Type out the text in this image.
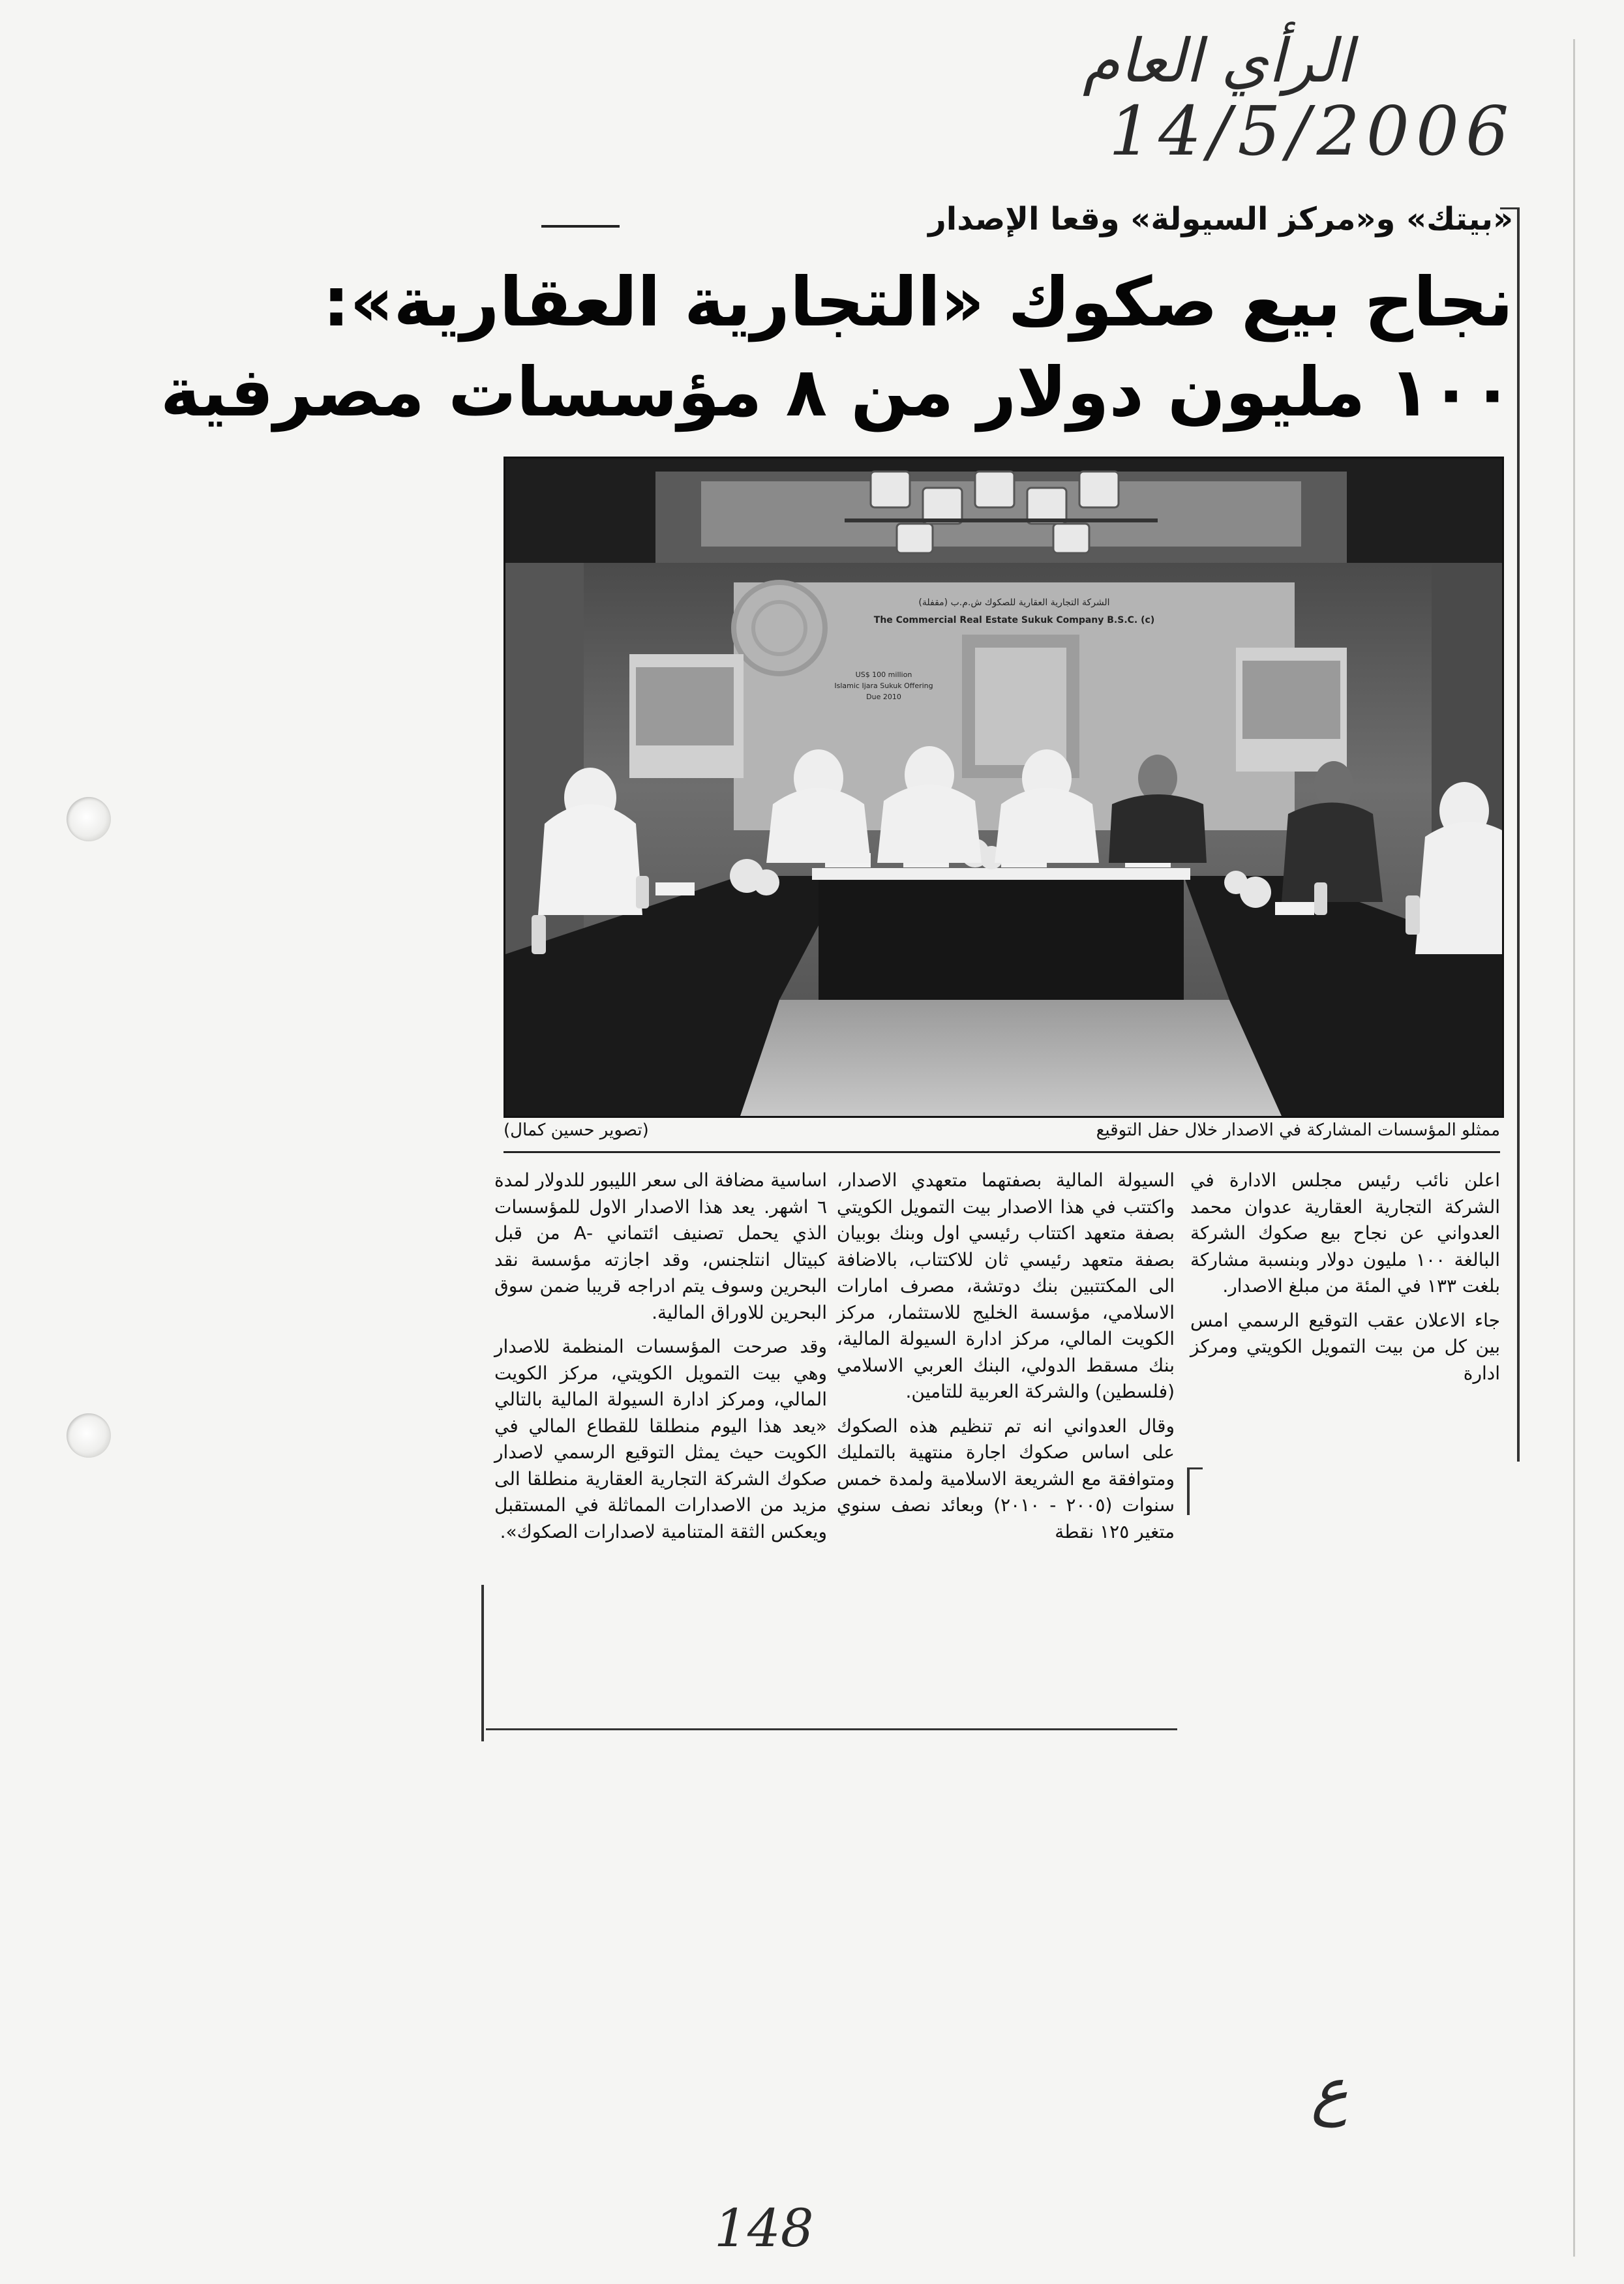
الرأي العام
14/5/2006
«بيتك» و«مركز السيولة» وقعا الإصدار
نجاح بيع صكوك «التجارية العقارية»:
١٠٠ مليون دولار من ٨ مؤسسات مصرفية
الشركة التجارية العقارية للصكوك ش.م.ب (مقفلة)
The Commercial Real Estate Sukuk Company B.S.C. (c)
US$ 100 million
Islamic Ijara Sukuk Offering
Due 2010
ممثلو المؤسسات المشاركة في الاصدار خلال حفل التوقيع
(تصوير حسين كمال)

اعلن نائب رئيس مجلس الادارة في الشركة التجارية العقارية عدوان محمد العدواني عن نجاح بيع صكوك الشركة البالغة ١٠٠ مليون دولار وبنسبة مشاركة بلغت ١٣٣ في المئة من مبلغ الاصدار.

جاء الاعلان عقب التوقيع الرسمي امس بين كل من بيت التمويل الكويتي ومركز ادارة

السيولة المالية بصفتهما متعهدي الاصدار، واكتتب في هذا الاصدار بيت التمويل الكويتي بصفة متعهد اكتتاب رئيسي اول وبنك بوبيان بصفة متعهد رئيسي ثان للاكتتاب، بالاضافة الى المكتتبين بنك دوتشة، مصرف امارات الاسلامي، مؤسسة الخليج للاستثمار، مركز الكويت المالي، مركز ادارة السيولة المالية، بنك مسقط الدولي، البنك العربي الاسلامي (فلسطين) والشركة العربية للتامين.

وقال العدواني انه تم تنظيم هذه الصكوك على اساس صكوك اجارة منتهية بالتمليك ومتوافقة مع الشريعة الاسلامية ولمدة خمس سنوات (٢٠٠٥ - ٢٠١٠) وبعائد نصف سنوي متغير ١٢٥ نقطة

اساسية مضافة الى سعر الليبور للدولار لمدة ٦ اشهر. يعد هذا الاصدار الاول للمؤسسات الذي يحمل تصنيف ائتماني -A من قبل كبيتال انتلجنس، وقد اجازته مؤسسة نقد البحرين وسوف يتم ادراجه قريبا ضمن سوق البحرين للاوراق المالية.

وقد صرحت المؤسسات المنظمة للاصدار وهي بيت التمويل الكويتي، مركز الكويت المالي، ومركز ادارة السيولة المالية بالتالي «يعد هذا اليوم منطلقا للقطاع المالي في الكويت حيث يمثل التوقيع الرسمي لاصدار صكوك الشركة التجارية العقارية منطلقا الى مزيد من الاصدارات المماثلة في المستقبل ويعكس الثقة المتنامية لاصدارات الصكوك».

ع
148
